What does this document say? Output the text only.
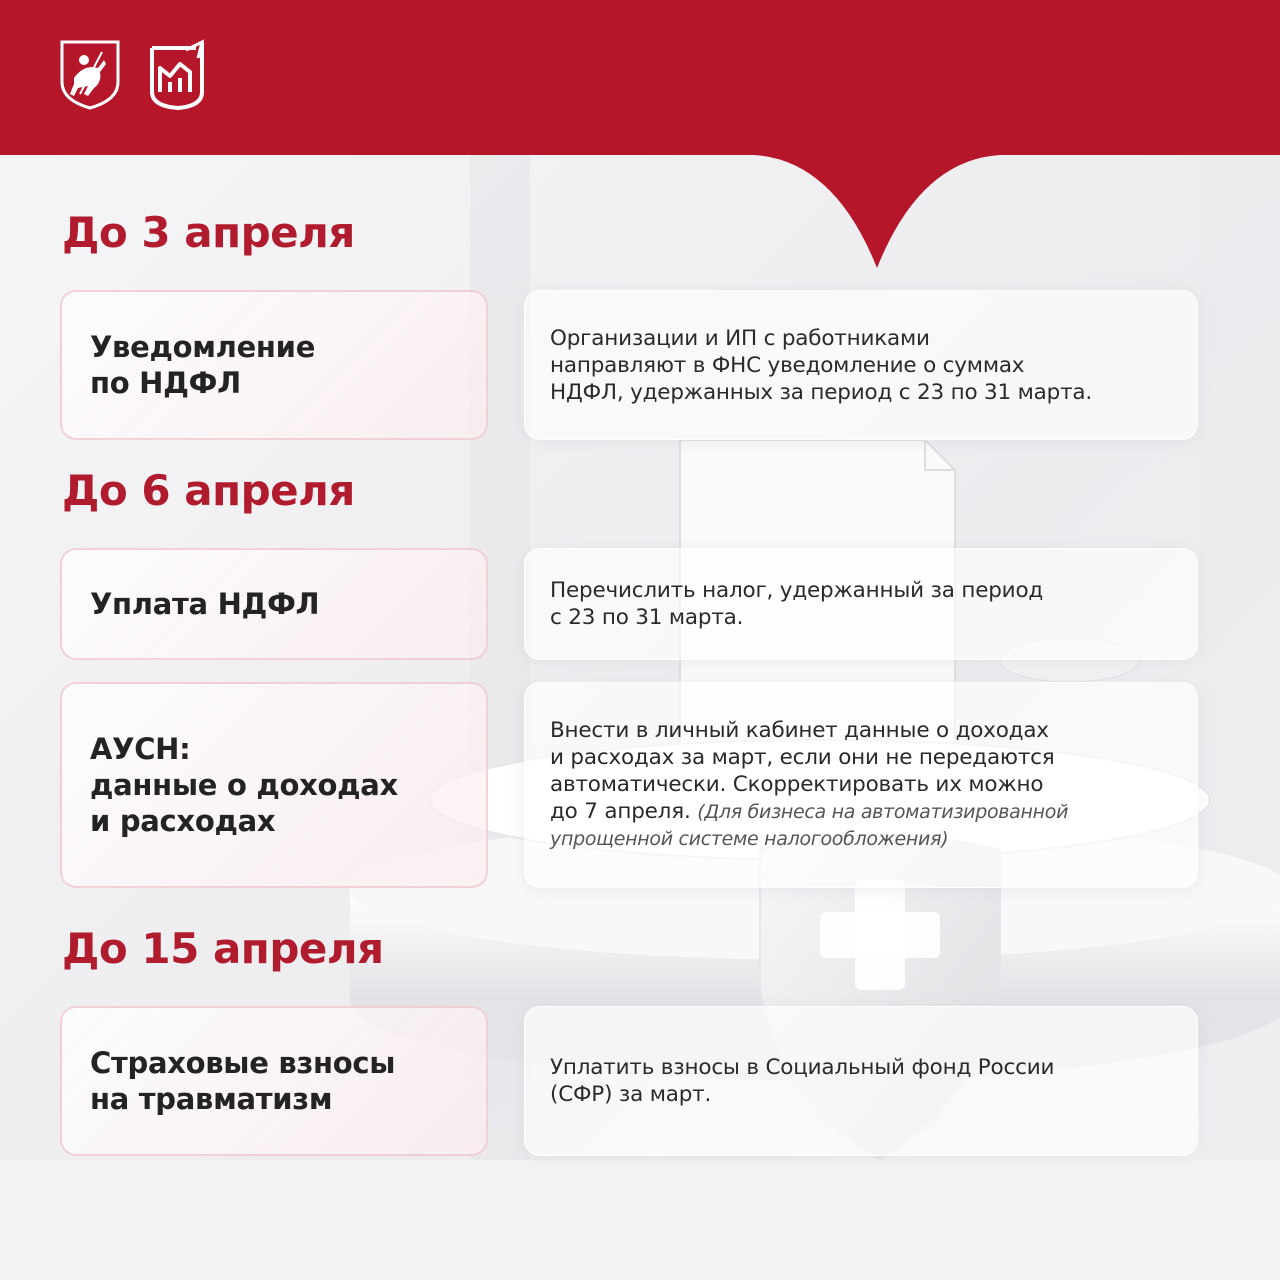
До 3 апреля
Уведомление
по НДФЛ
Организации и ИП с работниками
направляют в ФНС уведомление о суммах
НДФЛ, удержанных за период с 23 по 31 марта.
До 6 апреля
Уплата НДФЛ	Перечислить налог, удержанный за период
с 23 по 31 марта.
АУСН:
данные о доходах
и расходах
Внести в личный кабинет данные о доходах
и расходах за март, если они не передаются
автоматически. Скорректировать их можно
до 7 апреля. (Для бизнеса на автоматизированной
упрощенной системе налогообложения)
До 15 апреля
Страховые взносы
на травматизм
Уплатить взносы в Социальный фонд России
(СФР) за март.
